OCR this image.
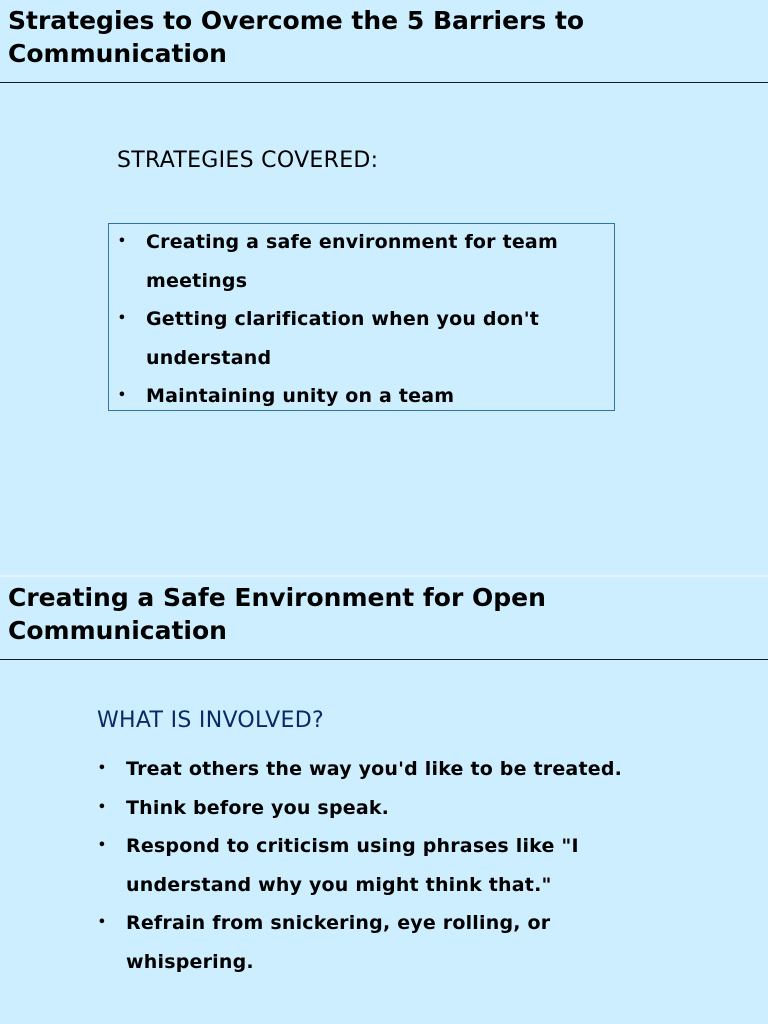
Strategies to Overcome the 5 Barriers to Communication
STRATEGIES COVERED:
• Creating a safe environment for team meetings
• Getting clarification when you don't understand
• Maintaining unity on a team
Creating a Safe Environment for Open Communication
WHAT IS INVOLVED?
• Treat others the way you'd like to be treated.
• Think before you speak.
• Respond to criticism using phrases like "I understand why you might think that."
• Refrain from snickering, eye rolling, or whispering.
